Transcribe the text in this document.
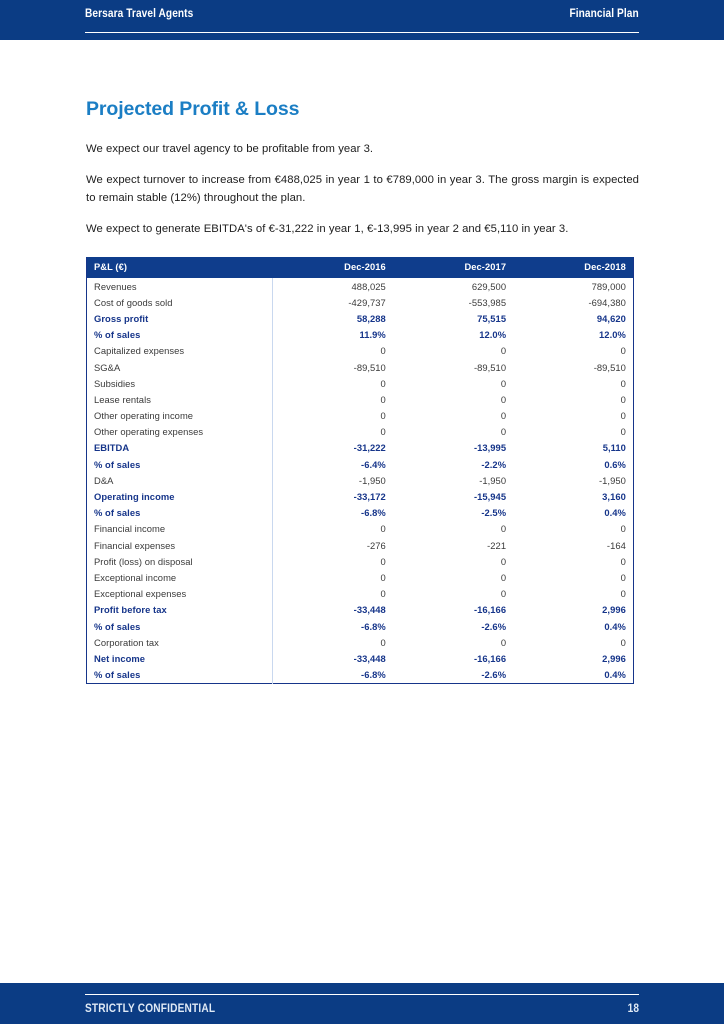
Bersara Travel Agents	Financial Plan
Projected Profit & Loss

We expect our travel agency to be profitable from year 3.

We expect turnover to increase from €488,025 in year 1 to €789,000 in year 3. The gross margin is expected to remain stable (12%) throughout the plan.

We expect to generate EBITDA's of €-31,222 in year 1, €-13,995 in year 2 and €5,110 in year 3.

P&L (€)	Dec-2016	Dec-2017	Dec-2018
Revenues	488,025	629,500	789,000
Cost of goods sold	-429,737	-553,985	-694,380
Gross profit	58,288	75,515	94,620
% of sales	11.9%	12.0%	12.0%
Capitalized expenses	0	0	0
SG&A	-89,510	-89,510	-89,510
Subsidies	0	0	0
Lease rentals	0	0	0
Other operating income	0	0	0
Other operating expenses	0	0	0
EBITDA	-31,222	-13,995	5,110
% of sales	-6.4%	-2.2%	0.6%
D&A	-1,950	-1,950	-1,950
Operating income	-33,172	-15,945	3,160
% of sales	-6.8%	-2.5%	0.4%
Financial income	0	0	0
Financial expenses	-276	-221	-164
Profit (loss) on disposal	0	0	0
Exceptional income	0	0	0
Exceptional expenses	0	0	0
Profit before tax	-33,448	-16,166	2,996
% of sales	-6.8%	-2.6%	0.4%
Corporation tax	0	0	0
Net income	-33,448	-16,166	2,996
% of sales	-6.8%	-2.6%	0.4%
STRICTLY CONFIDENTIAL	18
